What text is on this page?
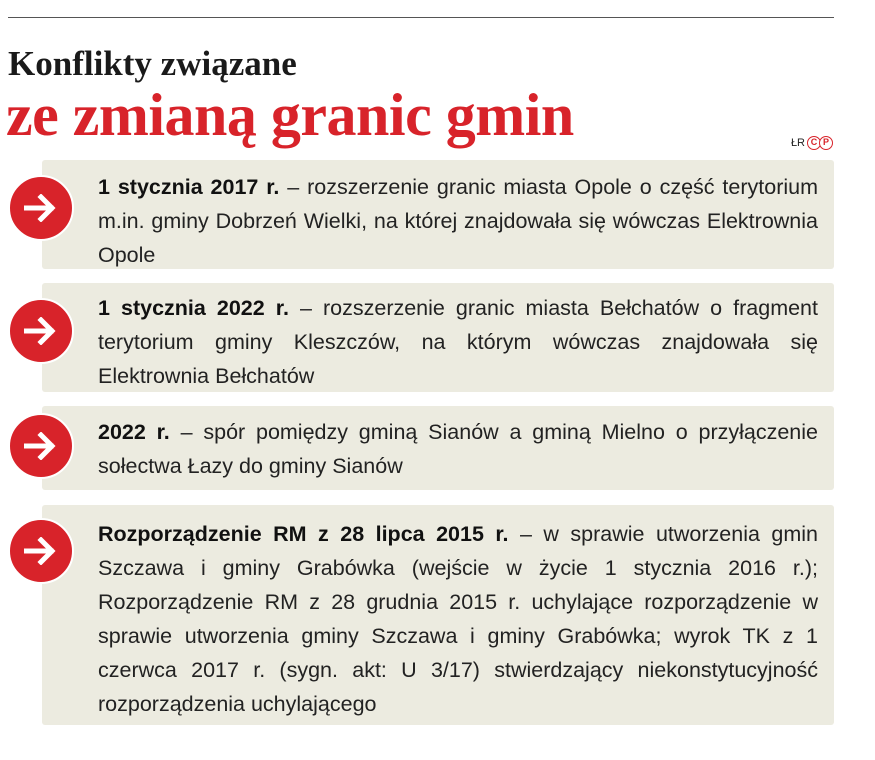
Konflikty związane
ze zmianą granic gmin	ŁR C P
1 stycznia 2017 r. – rozszerzenie granic miasta Opole o część terytorium m.in. gminy Dobrzeń Wielki, na której znajdowała się wówczas Elektrownia Opole
1 stycznia 2022 r. – rozszerzenie granic miasta Bełchatów o fragment terytorium gminy Kleszczów, na którym wówczas znajdowała się Elektrownia Bełchatów
2022 r. – spór pomiędzy gminą Sianów a gminą Mielno o przyłączenie sołectwa Łazy do gminy Sianów
Rozporządzenie RM z 28 lipca 2015 r. – w sprawie utworzenia gmin Szczawa i gminy Grabówka (wejście w życie 1 stycznia 2016 r.); Rozporządzenie RM z 28 grudnia 2015 r. uchylające rozporządzenie w sprawie utworzenia gminy Szczawa i gminy Grabówka; wyrok TK z 1 czerwca 2017 r. (sygn. akt: U 3/17) stwierdzający niekonstytucyjność rozporządzenia uchylającego
